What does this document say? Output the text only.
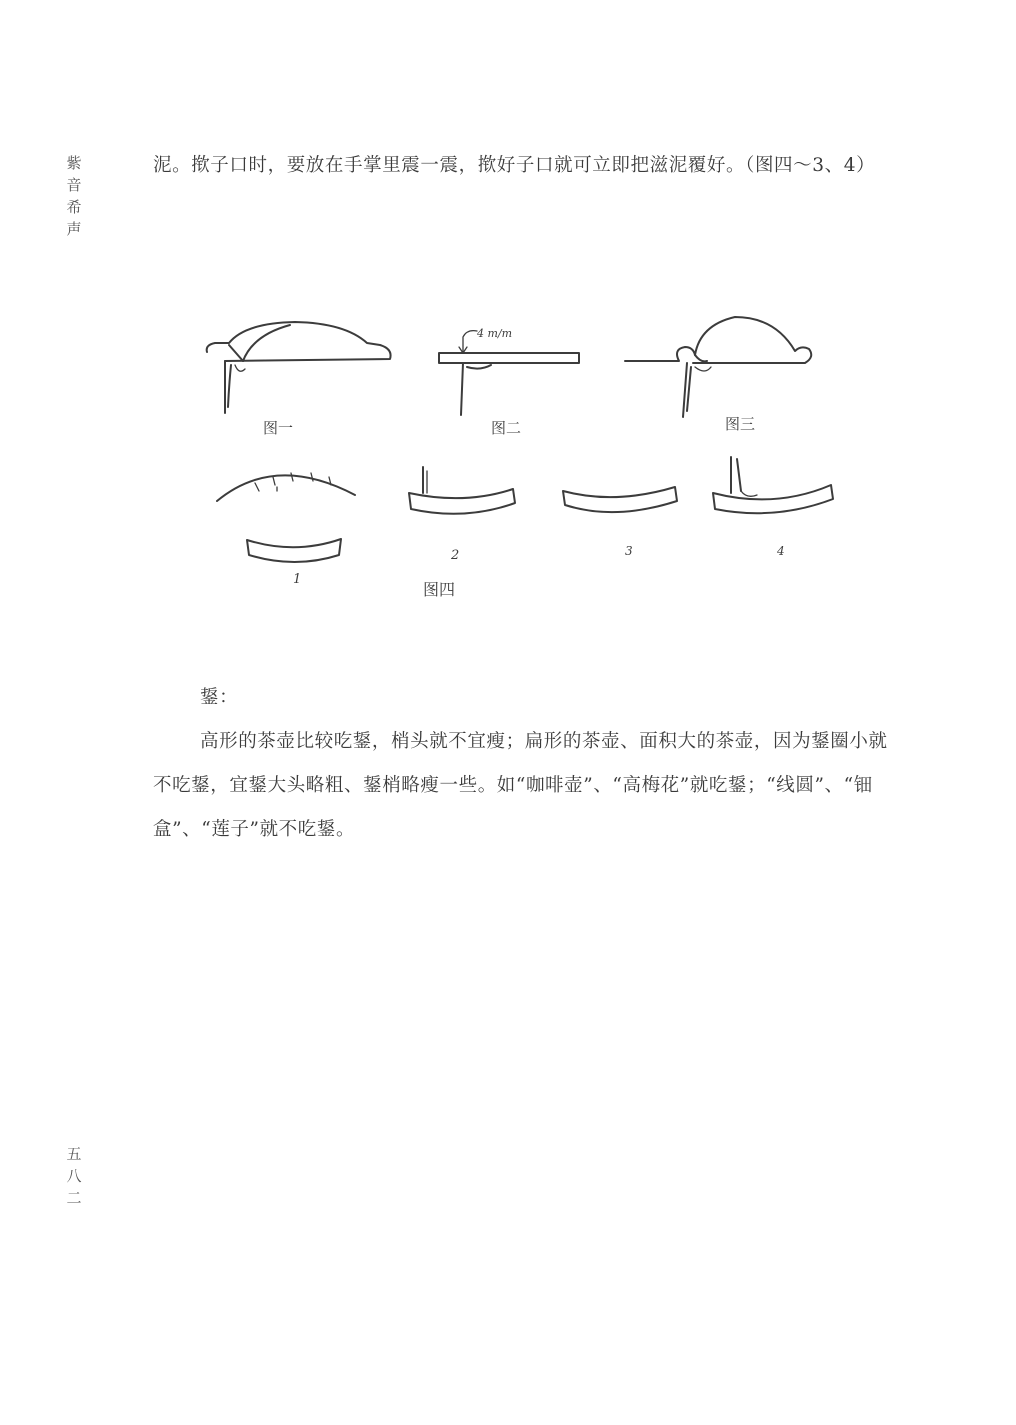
紫
音
希
声

泥。揿子口时，要放在手掌里震一震，揿好子口就可立即把滋泥覆好。（图四～3、4）

图一
4 m/m
图二	图三
1
2	3	4
图四

鋬：

高形的茶壶比较吃鋬，梢头就不宜瘦；扁形的茶壶、面积大的茶壶，因为鋬圈小就不吃鋬，宜鋬大头略粗、鋬梢略瘦一些。如“咖啡壶”、“高梅花”就吃鋬；“线圆”、“钿盒”、“莲子”就不吃鋬。

五
八
二
